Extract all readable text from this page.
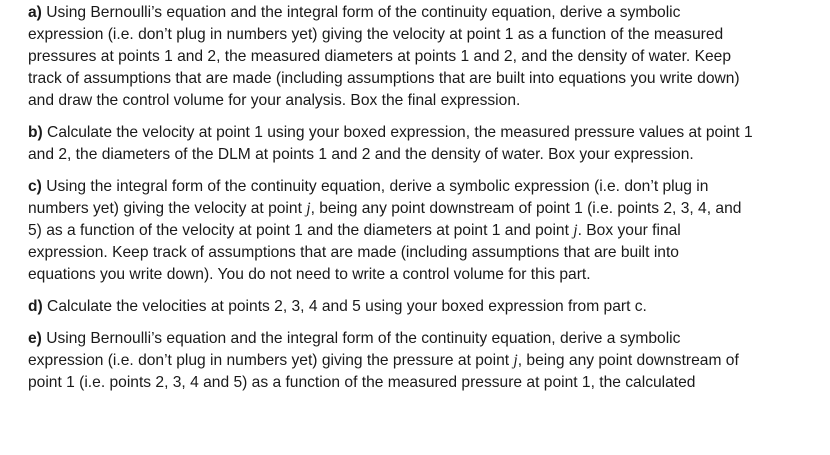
a) Using Bernoulli’s equation and the integral form of the continuity equation, derive a symbolic
expression (i.e. don’t plug in numbers yet) giving the velocity at point 1 as a function of the measured
pressures at points 1 and 2, the measured diameters at points 1 and 2, and the density of water. Keep
track of assumptions that are made (including assumptions that are built into equations you write down)
and draw the control volume for your analysis. Box the final expression.

b) Calculate the velocity at point 1 using your boxed expression, the measured pressure values at point 1
and 2, the diameters of the DLM at points 1 and 2 and the density of water. Box your expression.

c) Using the integral form of the continuity equation, derive a symbolic expression (i.e. don’t plug in
numbers yet) giving the velocity at point j, being any point downstream of point 1 (i.e. points 2, 3, 4, and
5) as a function of the velocity at point 1 and the diameters at point 1 and point j. Box your final
expression. Keep track of assumptions that are made (including assumptions that are built into
equations you write down). You do not need to write a control volume for this part.

d) Calculate the velocities at points 2, 3, 4 and 5 using your boxed expression from part c.

e) Using Bernoulli’s equation and the integral form of the continuity equation, derive a symbolic
expression (i.e. don’t plug in numbers yet) giving the pressure at point j, being any point downstream of
point 1 (i.e. points 2, 3, 4 and 5) as a function of the measured pressure at point 1, the calculated
